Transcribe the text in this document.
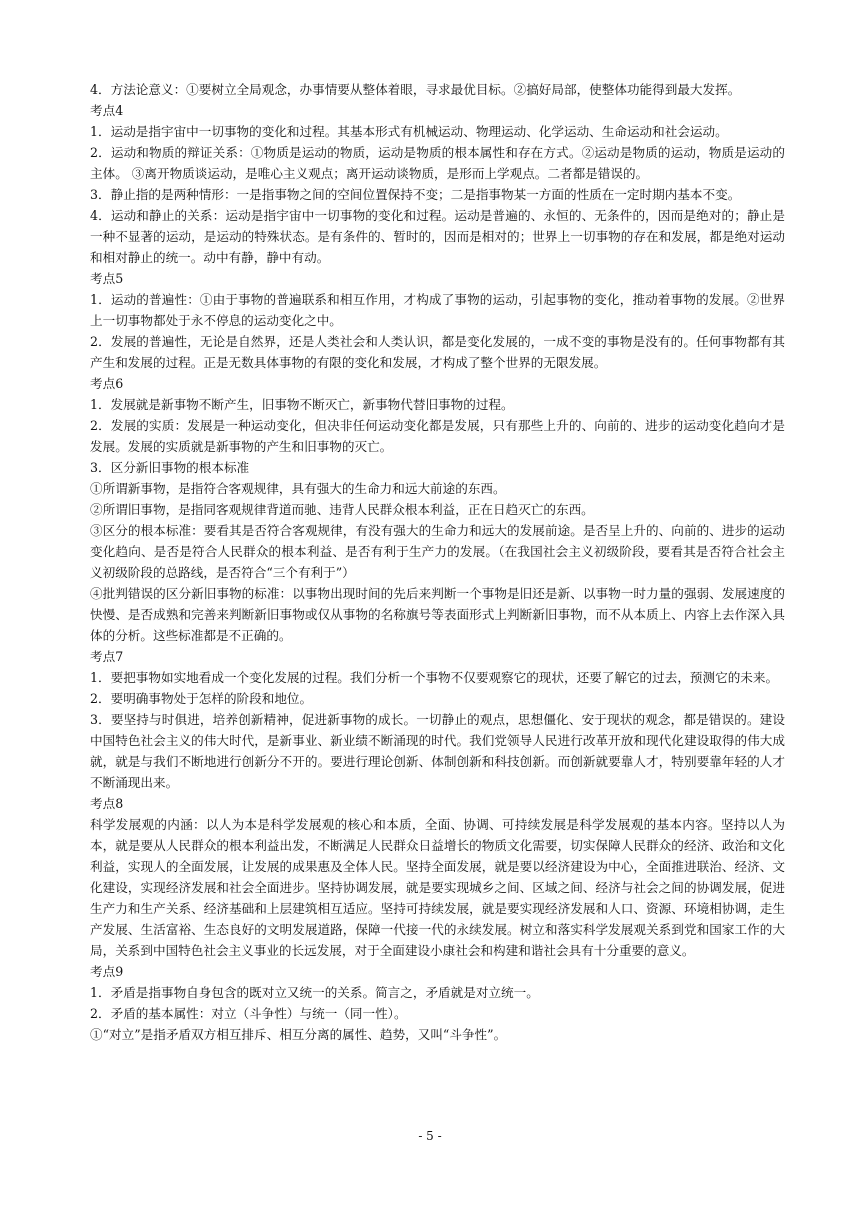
4．方法论意义：①要树立全局观念，办事情要从整体着眼，寻求最优目标。②搞好局部，使整体功能得到最大发挥。

考点4

1．运动是指宇宙中一切事物的变化和过程。其基本形式有机械运动、物理运动、化学运动、生命运动和社会运动。

2．运动和物质的辩证关系：①物质是运动的物质，运动是物质的根本属性和存在方式。②运动是物质的运动，物质是运动的主体。 ③离开物质谈运动，是唯心主义观点；离开运动谈物质，是形而上学观点。二者都是错误的。

3．静止指的是两种情形：一是指事物之间的空间位置保持不变；二是指事物某一方面的性质在一定时期内基本不变。

4．运动和静止的关系：运动是指宇宙中一切事物的变化和过程。运动是普遍的、永恒的、无条件的，因而是绝对的；静止是一种不显著的运动，是运动的特殊状态。是有条件的、暂时的，因而是相对的；世界上一切事物的存在和发展，都是绝对运动和相对静止的统一。动中有静，静中有动。

考点5

1．运动的普遍性：①由于事物的普遍联系和相互作用，才构成了事物的运动，引起事物的变化，推动着事物的发展。②世界上一切事物都处于永不停息的运动变化之中。

2．发展的普遍性，无论是自然界，还是人类社会和人类认识，都是变化发展的，一成不变的事物是没有的。任何事物都有其产生和发展的过程。正是无数具体事物的有限的变化和发展，才构成了整个世界的无限发展。

考点6

1．发展就是新事物不断产生，旧事物不断灭亡，新事物代替旧事物的过程。

2．发展的实质：发展是一种运动变化，但决非任何运动变化都是发展，只有那些上升的、向前的、进步的运动变化趋向才是发展。发展的实质就是新事物的产生和旧事物的灭亡。

3．区分新旧事物的根本标准

①所谓新事物，是指符合客观规律，具有强大的生命力和远大前途的东西。

②所谓旧事物，是指同客观规律背道而驰、违背人民群众根本利益，正在日趋灭亡的东西。

③区分的根本标准：要看其是否符合客观规律，有没有强大的生命力和远大的发展前途。是否呈上升的、向前的、进步的运动变化趋向、是否是符合人民群众的根本利益、是否有利于生产力的发展。（在我国社会主义初级阶段，要看其是否符合社会主义初级阶段的总路线，是否符合“三个有利于”）

④批判错误的区分新旧事物的标准：以事物出现时间的先后来判断一个事物是旧还是新、以事物一时力量的强弱、发展速度的快慢、是否成熟和完善来判断新旧事物或仅从事物的名称旗号等表面形式上判断新旧事物，而不从本质上、内容上去作深入具体的分析。这些标准都是不正确的。

考点7

1．要把事物如实地看成一个变化发展的过程。我们分析一个事物不仅要观察它的现状，还要了解它的过去，预测它的未来。

2．要明确事物处于怎样的阶段和地位。

3．要坚持与时俱进，培养创新精神，促进新事物的成长。一切静止的观点，思想僵化、安于现状的观念，都是错误的。建设中国特色社会主义的伟大时代，是新事业、新业绩不断涌现的时代。我们党领导人民进行改革开放和现代化建设取得的伟大成就，就是与我们不断地进行创新分不开的。要进行理论创新、体制创新和科技创新。而创新就要靠人才，特别要靠年轻的人才不断涌现出来。

考点8

科学发展观的内涵：以人为本是科学发展观的核心和本质，全面、协调、可持续发展是科学发展观的基本内容。坚持以人为本，就是要从人民群众的根本利益出发，不断满足人民群众日益增长的物质文化需要，切实保障人民群众的经济、政治和文化利益，实现人的全面发展，让发展的成果惠及全体人民。坚持全面发展，就是要以经济建设为中心，全面推进联治、经济、文化建设，实现经济发展和社会全面进步。坚持协调发展，就是要实现城乡之间、区域之间、经济与社会之间的协调发展，促进生产力和生产关系、经济基础和上层建筑相互适应。坚持可持续发展，就是要实现经济发展和人口、资源、环境相协调，走生产发展、生活富裕、生态良好的文明发展道路，保障一代接一代的永续发展。树立和落实科学发展观关系到党和国家工作的大局，关系到中国特色社会主义事业的长远发展，对于全面建设小康社会和构建和谐社会具有十分重要的意义。

考点9

1．矛盾是指事物自身包含的既对立又统一的关系。简言之，矛盾就是对立统一。

2．矛盾的基本属性：对立（斗争性）与统一（同一性）。

①“对立”是指矛盾双方相互排斥、相互分离的属性、趋势，又叫“斗争性”。

- 5 -
